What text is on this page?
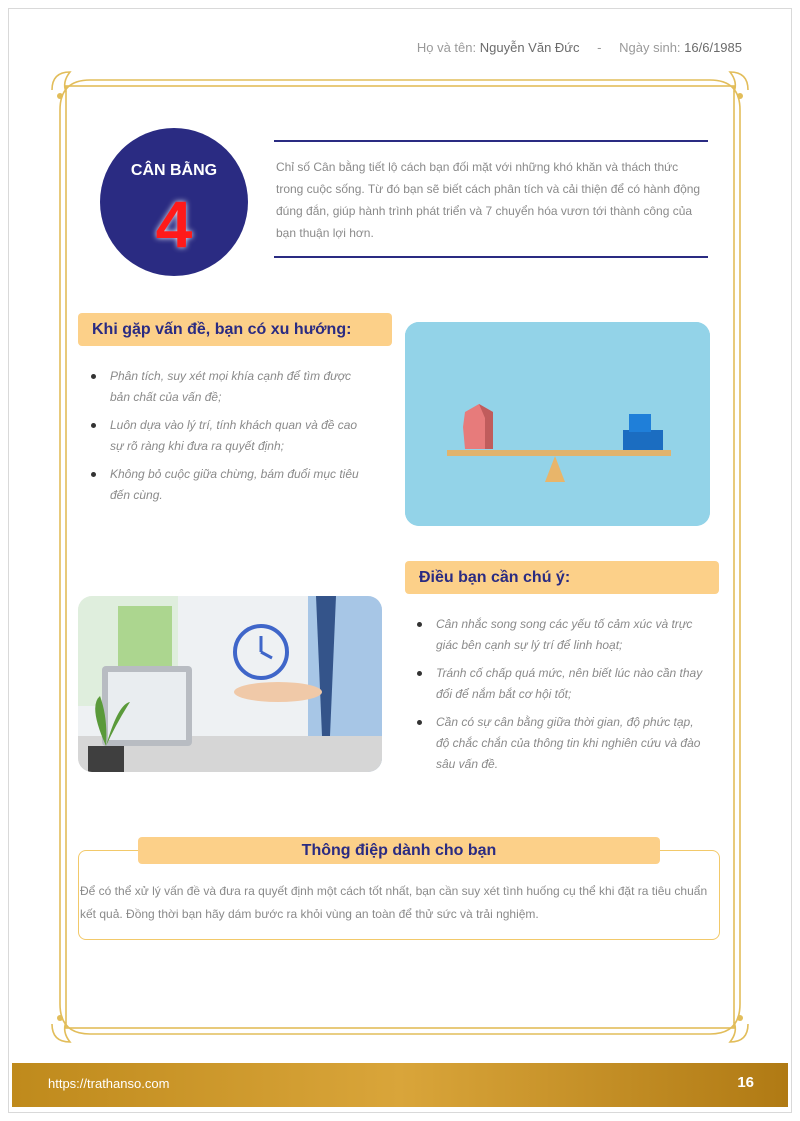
Họ và tên: Nguyễn Văn Đức - Ngày sinh: 16/6/1985
CÂN BẰNG
4
Chỉ số Cân bằng tiết lộ cách bạn đối mặt với những khó khăn và thách thức trong cuộc sống. Từ đó bạn sẽ biết cách phân tích và cải thiện để có hành động đúng đắn, giúp hành trình phát triển và 7 chuyển hóa vươn tới thành công của bạn thuận lợi hơn.
Khi gặp vấn đề, bạn có xu hướng:
Phân tích, suy xét mọi khía cạnh để tìm được bản chất của vấn đề;
Luôn dựa vào lý trí, tính khách quan và đề cao sự rõ ràng khi đưa ra quyết định;
Không bỏ cuộc giữa chừng, bám đuổi mục tiêu đến cùng.
Điều bạn cần chú ý:
Cân nhắc song song các yếu tố cảm xúc và trực giác bên cạnh sự lý trí để linh hoạt;
Tránh cố chấp quá mức, nên biết lúc nào cần thay đổi để nắm bắt cơ hội tốt;
Cần có sự cân bằng giữa thời gian, độ phức tạp, độ chắc chắn của thông tin khi nghiên cứu và đào sâu vấn đề.
Thông điệp dành cho bạn
Để có thể xử lý vấn đề và đưa ra quyết định một cách tốt nhất, bạn cần suy xét tình huống cụ thể khi đặt ra tiêu chuẩn kết quả. Đồng thời bạn hãy dám bước ra khỏi vùng an toàn để thử sức và trải nghiệm.
https://trathanso.com	16
